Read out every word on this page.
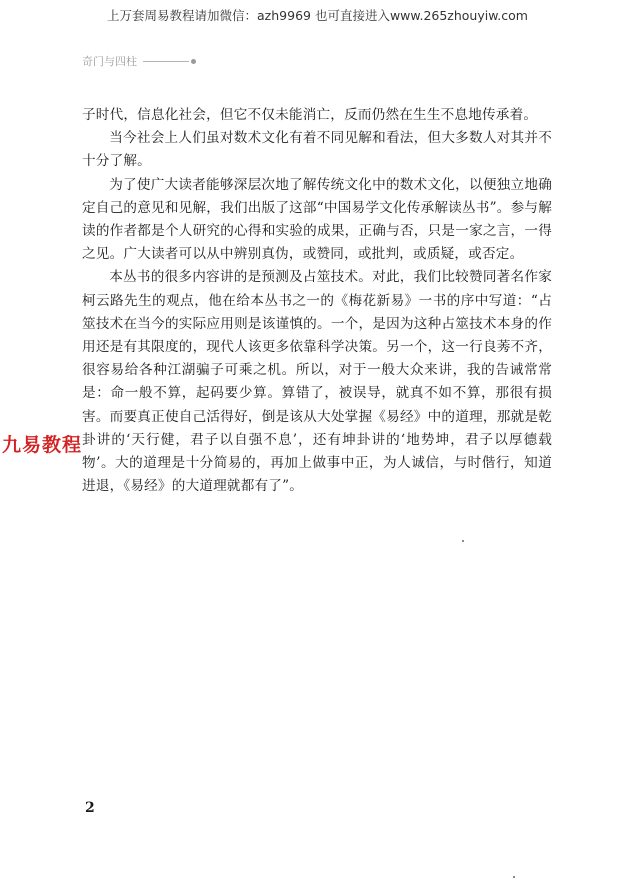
上万套周易教程请加微信：azh9969 也可直接进入www.265zhouyiw.com
奇门与四柱

子时代，信息化社会，但它不仅未能消亡，反而仍然在生生不息地传承着。

当今社会上人们虽对数术文化有着不同见解和看法，但大多数人对其并不十分了解。

为了使广大读者能够深层次地了解传统文化中的数术文化，以便独立地确定自己的意见和见解，我们出版了这部“中国易学文化传承解读丛书”。参与解读的作者都是个人研究的心得和实验的成果，正确与否，只是一家之言，一得之见。广大读者可以从中辨别真伪，或赞同，或批判，或质疑，或否定。

本丛书的很多内容讲的是预测及占筮技术。对此，我们比较赞同著名作家柯云路先生的观点，他在给本丛书之一的《梅花新易》一书的序中写道：“占筮技术在当今的实际应用则是该谨慎的。一个，是因为这种占筮技术本身的作用还是有其限度的，现代人该更多依靠科学决策。另一个，这一行良莠不齐，很容易给各种江湖骗子可乘之机。所以，对于一般大众来讲，我的告诫常常是：命一般不算，起码要少算。算错了，被误导，就真不如不算，那很有损害。而要真正使自己活得好，倒是该从大处掌握《易经》中的道理，那就是乾卦讲的‘天行健，君子以自强不息’，还有坤卦讲的‘地势坤，君子以厚德载物’。大的道理是十分简易的，再加上做事中正，为人诚信，与时偕行，知道进退，《易经》的大道理就都有了”。

九易教程
2
